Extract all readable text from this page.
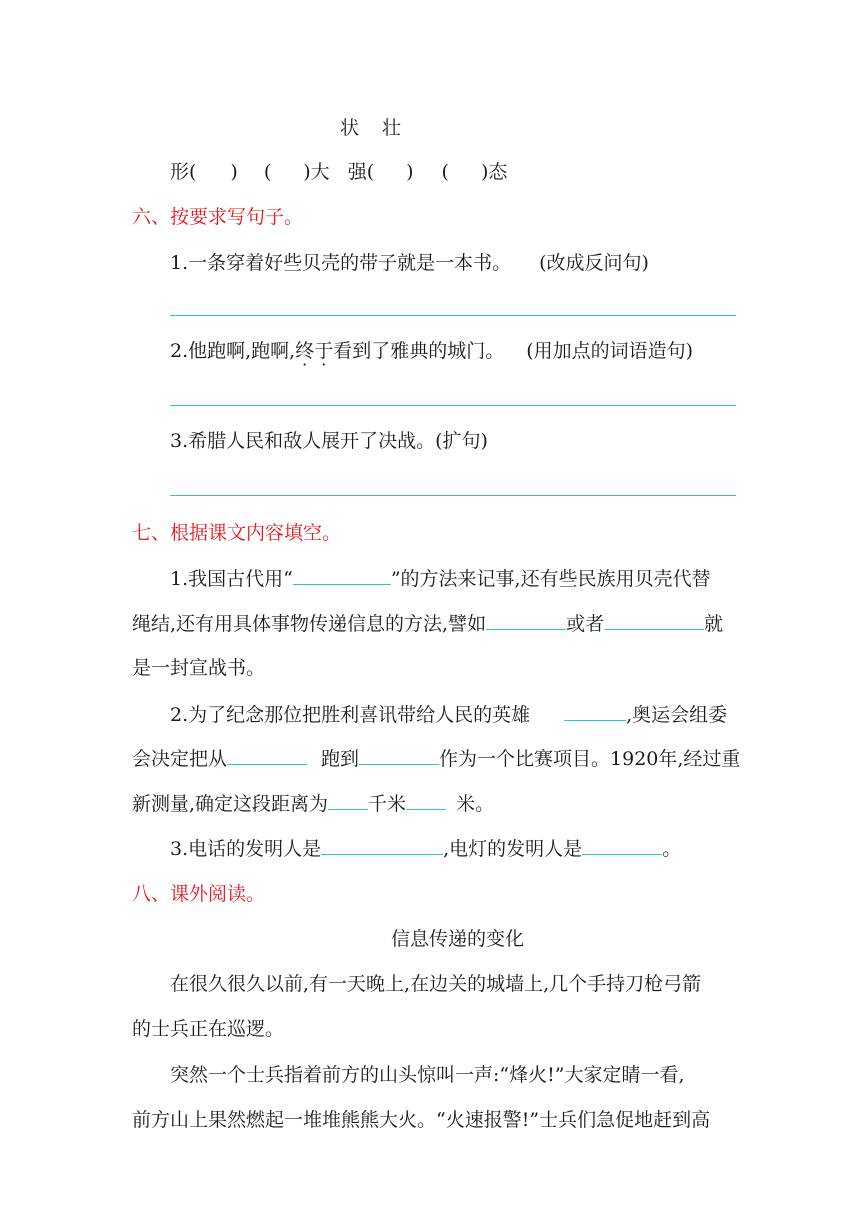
状　壮
形( ) ( )大 强( ) ( )态
六、按要求写句子。
1.一条穿着好些贝壳的带子就是一本书。 (改成反问句)
2.他跑啊,跑啊,终于看到了雅典的城门。 (用加点的词语造句)
3.希腊人民和敌人展开了决战。(扩句)
七、根据课文内容填空。
1.我国古代用“	”的方法来记事,还有些民族用贝壳代替
绳结,还有用具体事物传递信息的方法,譬如	或者	就
是一封宣战书。
2.为了纪念那位把胜利喜讯带给人民的英雄	,奥运会组委
会决定把从	跑到	作为一个比赛项目。1920年,经过重
新测量,确定这段距离为 千米	米。
3.电话的发明人是	,电灯的发明人是	。
八、课外阅读。
信息传递的变化
在很久很久以前,有一天晚上,在边关的城墙上,几个手持刀枪弓箭
的士兵正在巡逻。
突然一个士兵指着前方的山头惊叫一声:“烽火!”大家定睛一看,
前方山上果然燃起一堆堆熊熊大火。“火速报警!”士兵们急促地赶到高
